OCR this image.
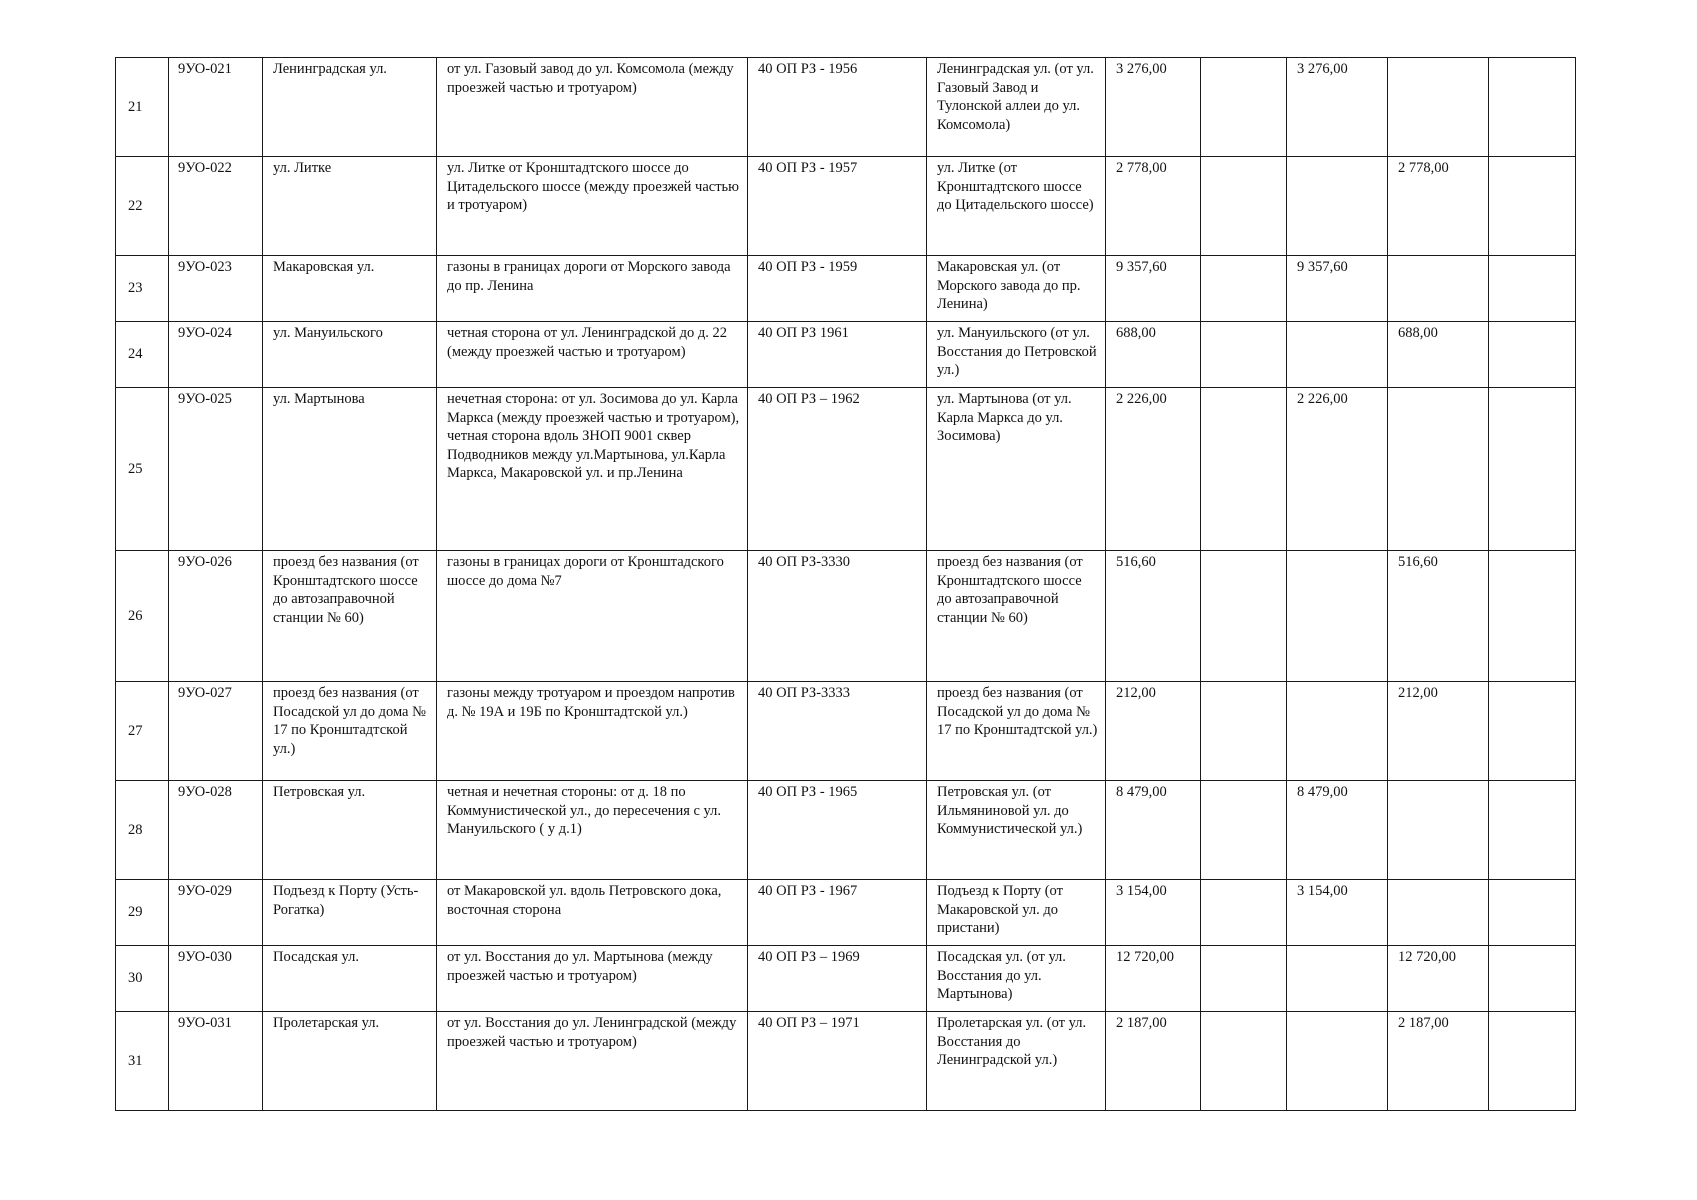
21	9УО-021	Ленинградская ул.	от ул. Газовый завод до ул. Комсомола (между проезжей частью и тротуаром)	40 ОП РЗ - 1956	Ленинградская ул. (от ул. Газовый Завод и Тулонской аллеи до ул. Комсомола)	3 276,00		3 276,00		
22	9УО-022	ул. Литке	ул. Литке от Кронштадтского шоссе до Цитадельского шоссе (между проезжей частью и тротуаром)	40 ОП РЗ - 1957	ул. Литке (от Кронштадтского шоссе до Цитадельского шоссе)	2 778,00			2 778,00	
23	9УО-023	Макаровская ул.	газоны в границах дороги от Морского завода до пр. Ленина	40 ОП РЗ - 1959	Макаровская ул. (от Морского завода до пр. Ленина)	9 357,60		9 357,60		
24	9УО-024	ул. Мануильского	четная сторона от ул. Ленинградской до д. 22 (между проезжей частью и тротуаром)	40 ОП РЗ 1961	ул. Мануильского (от ул. Восстания до Петровской ул.)	688,00			688,00	
25	9УО-025	ул. Мартынова	нечетная сторона: от ул. Зосимова до ул. Карла Маркса (между проезжей частью и тротуаром), четная сторона вдоль ЗНОП 9001 сквер Подводников между ул.Мартынова, ул.Карла Маркса, Макаровской ул. и пр.Ленина	40 ОП РЗ – 1962	ул. Мартынова (от ул. Карла Маркса до ул. Зосимова)	2 226,00		2 226,00		
26	9УО-026	проезд без названия (от Кронштадтского шоссе до автозаправочной станции № 60)	газоны в границах дороги от Кронштадского шоссе до дома №7	40 ОП РЗ-3330	проезд без названия (от Кронштадтского шоссе до автозаправочной станции № 60)	516,60			516,60	
27	9УО-027	проезд без названия (от Посадской ул до дома № 17 по Кронштадтской ул.)	газоны между тротуаром и проездом напротив д. № 19А и 19Б по Кронштадтской ул.)	40 ОП РЗ-3333	проезд без названия (от Посадской ул до дома № 17 по Кронштадтской ул.)	212,00			212,00	
28	9УО-028	Петровская ул.	четная и нечетная стороны: от д. 18 по Коммунистической ул., до пересечения с ул. Мануильского ( у д.1)	40 ОП РЗ - 1965	Петровская ул. (от Ильмяниновой ул. до Коммунистической ул.)	8 479,00		8 479,00		
29	9УО-029	Подъезд к Порту (Усть-Рогатка)	от Макаровской ул. вдоль Петровского дока, восточная сторона	40 ОП РЗ - 1967	Подъезд к Порту (от Макаровской ул. до пристани)	3 154,00		3 154,00		
30	9УО-030	Посадская ул.	от ул. Восстания до ул. Мартынова (между проезжей частью и тротуаром)	40 ОП РЗ – 1969	Посадская ул. (от ул. Восстания до ул. Мартынова)	12 720,00			12 720,00	
31	9УО-031	Пролетарская ул.	от ул. Восстания до ул. Ленинградской (между проезжей частью и тротуаром)	40 ОП РЗ – 1971	Пролетарская ул. (от ул. Восстания до Ленинградской ул.)	2 187,00			2 187,00	
